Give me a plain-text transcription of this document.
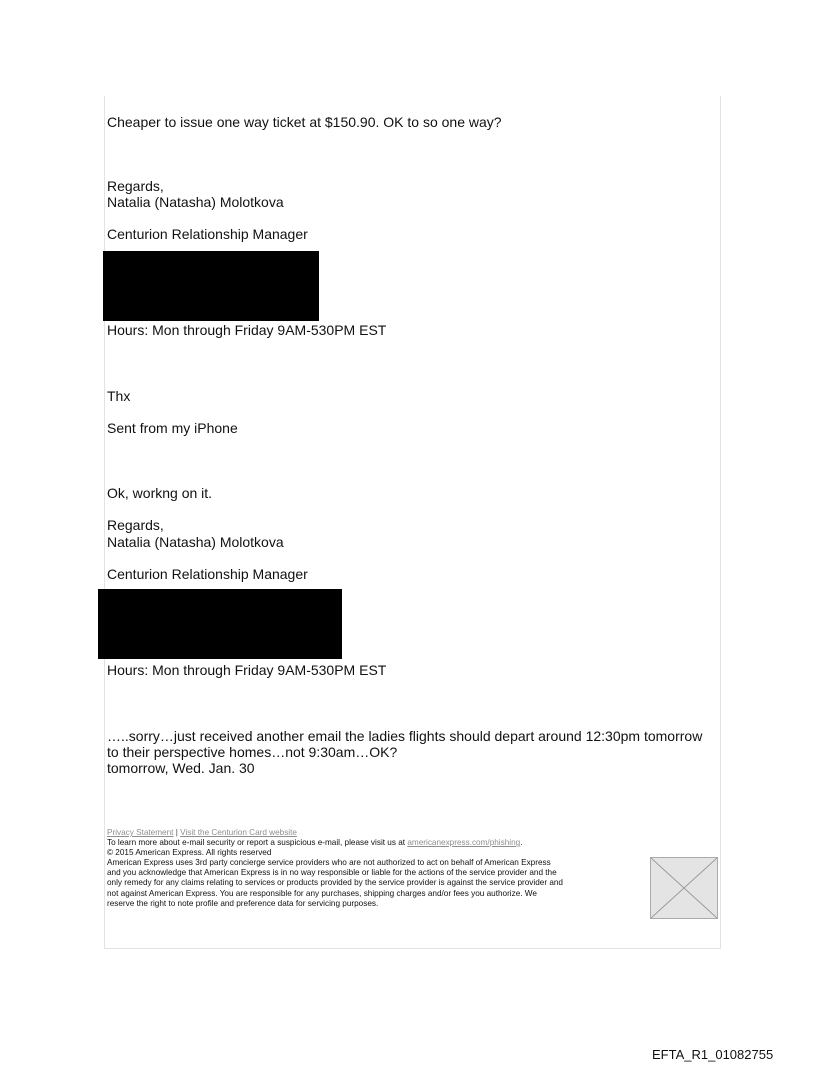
Cheaper to issue one way ticket at $150.90. OK to so one way?

Regards,

Natalia (Natasha) Molotkova

Centurion Relationship Manager

Hours: Mon through Friday 9AM-530PM EST

Thx

Sent from my iPhone

Ok, workng on it.

Regards,

Natalia (Natasha) Molotkova

Centurion Relationship Manager

Hours: Mon through Friday 9AM-530PM EST

…..sorry…just received another email the ladies flights should depart around 12:30pm tomorrow to their perspective homes…not 9:30am…OK?
tomorrow, Wed. Jan. 30

Privacy Statement | Visit the Centurion Card website
To learn more about e-mail security or report a suspicious e-mail, please visit us at americanexpress.com/phishing.
© 2015 American Express. All rights reserved
American Express uses 3rd party concierge service providers who are not authorized to act on behalf of American Express
and you acknowledge that American Express is in no way responsible or liable for the actions of the service provider and the
only remedy for any claims relating to services or products provided by the service provider is against the service provider and
not against American Express. You are responsible for any purchases, shipping charges and/or fees you authorize. We
reserve the right to note profile and preference data for servicing purposes.
EFTA_R1_01082755
